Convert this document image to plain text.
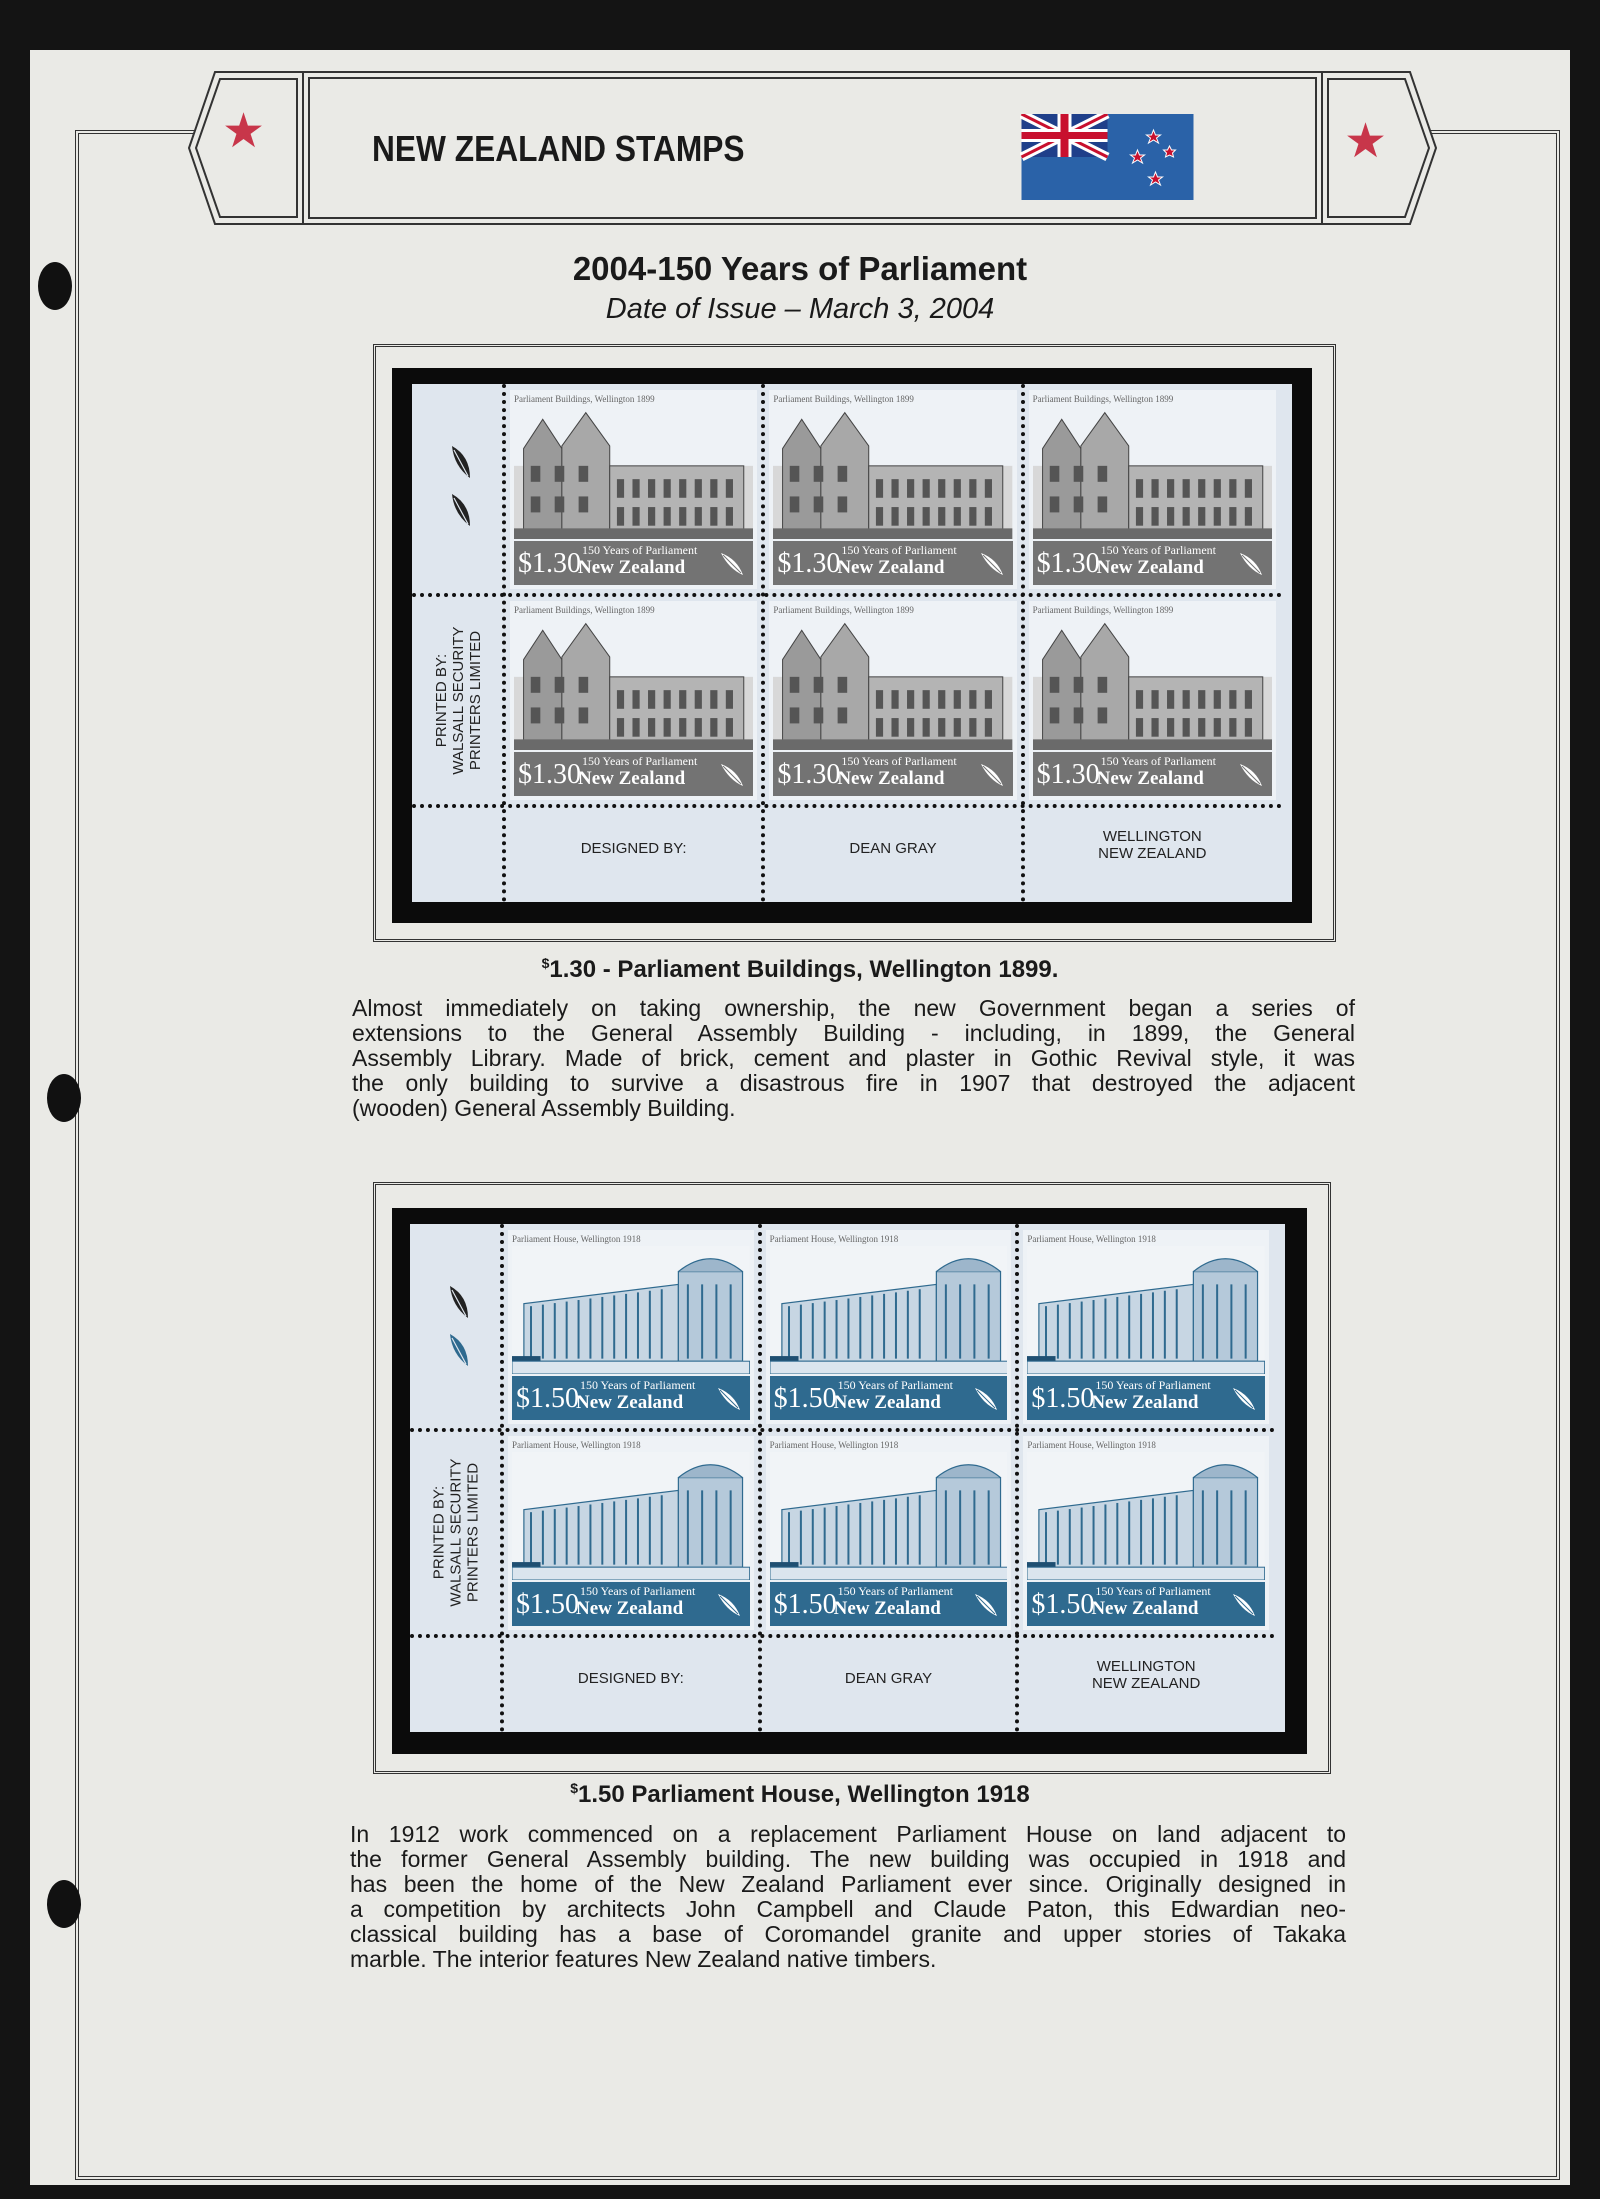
★	★
NEW ZEALAND STAMPS
2004-150 Years of Parliament
Date of Issue – March 3, 2004
Parliament Buildings, Wellington 1899
$1.30 150 Years of Parliament
New Zealand
Parliament Buildings, Wellington 1899
$1.30 150 Years of Parliament
New Zealand
Parliament Buildings, Wellington 1899
$1.30 150 Years of Parliament
New Zealand
Parliament Buildings, Wellington 1899
$1.30 150 Years of Parliament
New Zealand
Parliament Buildings, Wellington 1899
$1.30 150 Years of Parliament
New Zealand
Parliament Buildings, Wellington 1899
$1.30 150 Years of Parliament
New Zealand
PRINTED BY: WALSALL SECURITY PRINTERS LIMITED
DESIGNED BY:	DEAN GRAY
WELLINGTON
NEW ZEALAND
$1.30 - Parliament Buildings, Wellington 1899.
Almost immediately on taking ownership, the new Government began a series of
extensions to the General Assembly Building - including, in 1899, the General
Assembly Library. Made of brick, cement and plaster in Gothic Revival style, it was
the only building to survive a disastrous fire in 1907 that destroyed the adjacent
(wooden) General Assembly Building.
Parliament House, Wellington 1918
$1.50 150 Years of Parliament
New Zealand
Parliament House, Wellington 1918
$1.50 150 Years of Parliament
New Zealand
Parliament House, Wellington 1918
$1.50 150 Years of Parliament
New Zealand
Parliament House, Wellington 1918
$1.50 150 Years of Parliament
New Zealand
Parliament House, Wellington 1918
$1.50 150 Years of Parliament
New Zealand
Parliament House, Wellington 1918
$1.50 150 Years of Parliament
New Zealand
PRINTED BY: WALSALL SECURITY PRINTERS LIMITED
DESIGNED BY:	DEAN GRAY
WELLINGTON
NEW ZEALAND
$1.50 Parliament House, Wellington 1918
In 1912 work commenced on a replacement Parliament House on land adjacent to
the former General Assembly building. The new building was occupied in 1918 and
has been the home of the New Zealand Parliament ever since. Originally designed in
a competition by architects John Campbell and Claude Paton, this Edwardian neo-
classical building has a base of Coromandel granite and upper stories of Takaka
marble. The interior features New Zealand native timbers.
